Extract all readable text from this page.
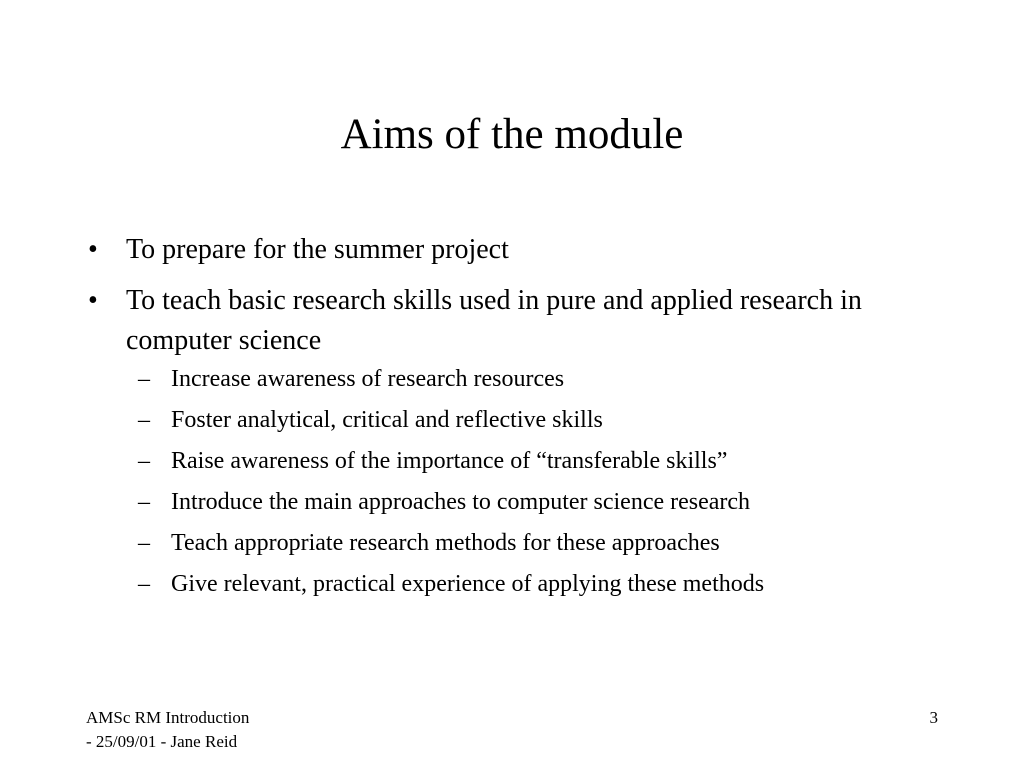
Aims of the module
• To prepare for the summer project
• To teach basic research skills used in pure and applied research in computer science
– Increase awareness of research resources
– Foster analytical, critical and reflective skills
– Raise awareness of the importance of “transferable skills”
– Introduce the main approaches to computer science research
– Teach appropriate research methods for these approaches
– Give relevant, practical experience of applying these methods
AMSc RM Introduction
- 25/09/01 - Jane Reid
3
